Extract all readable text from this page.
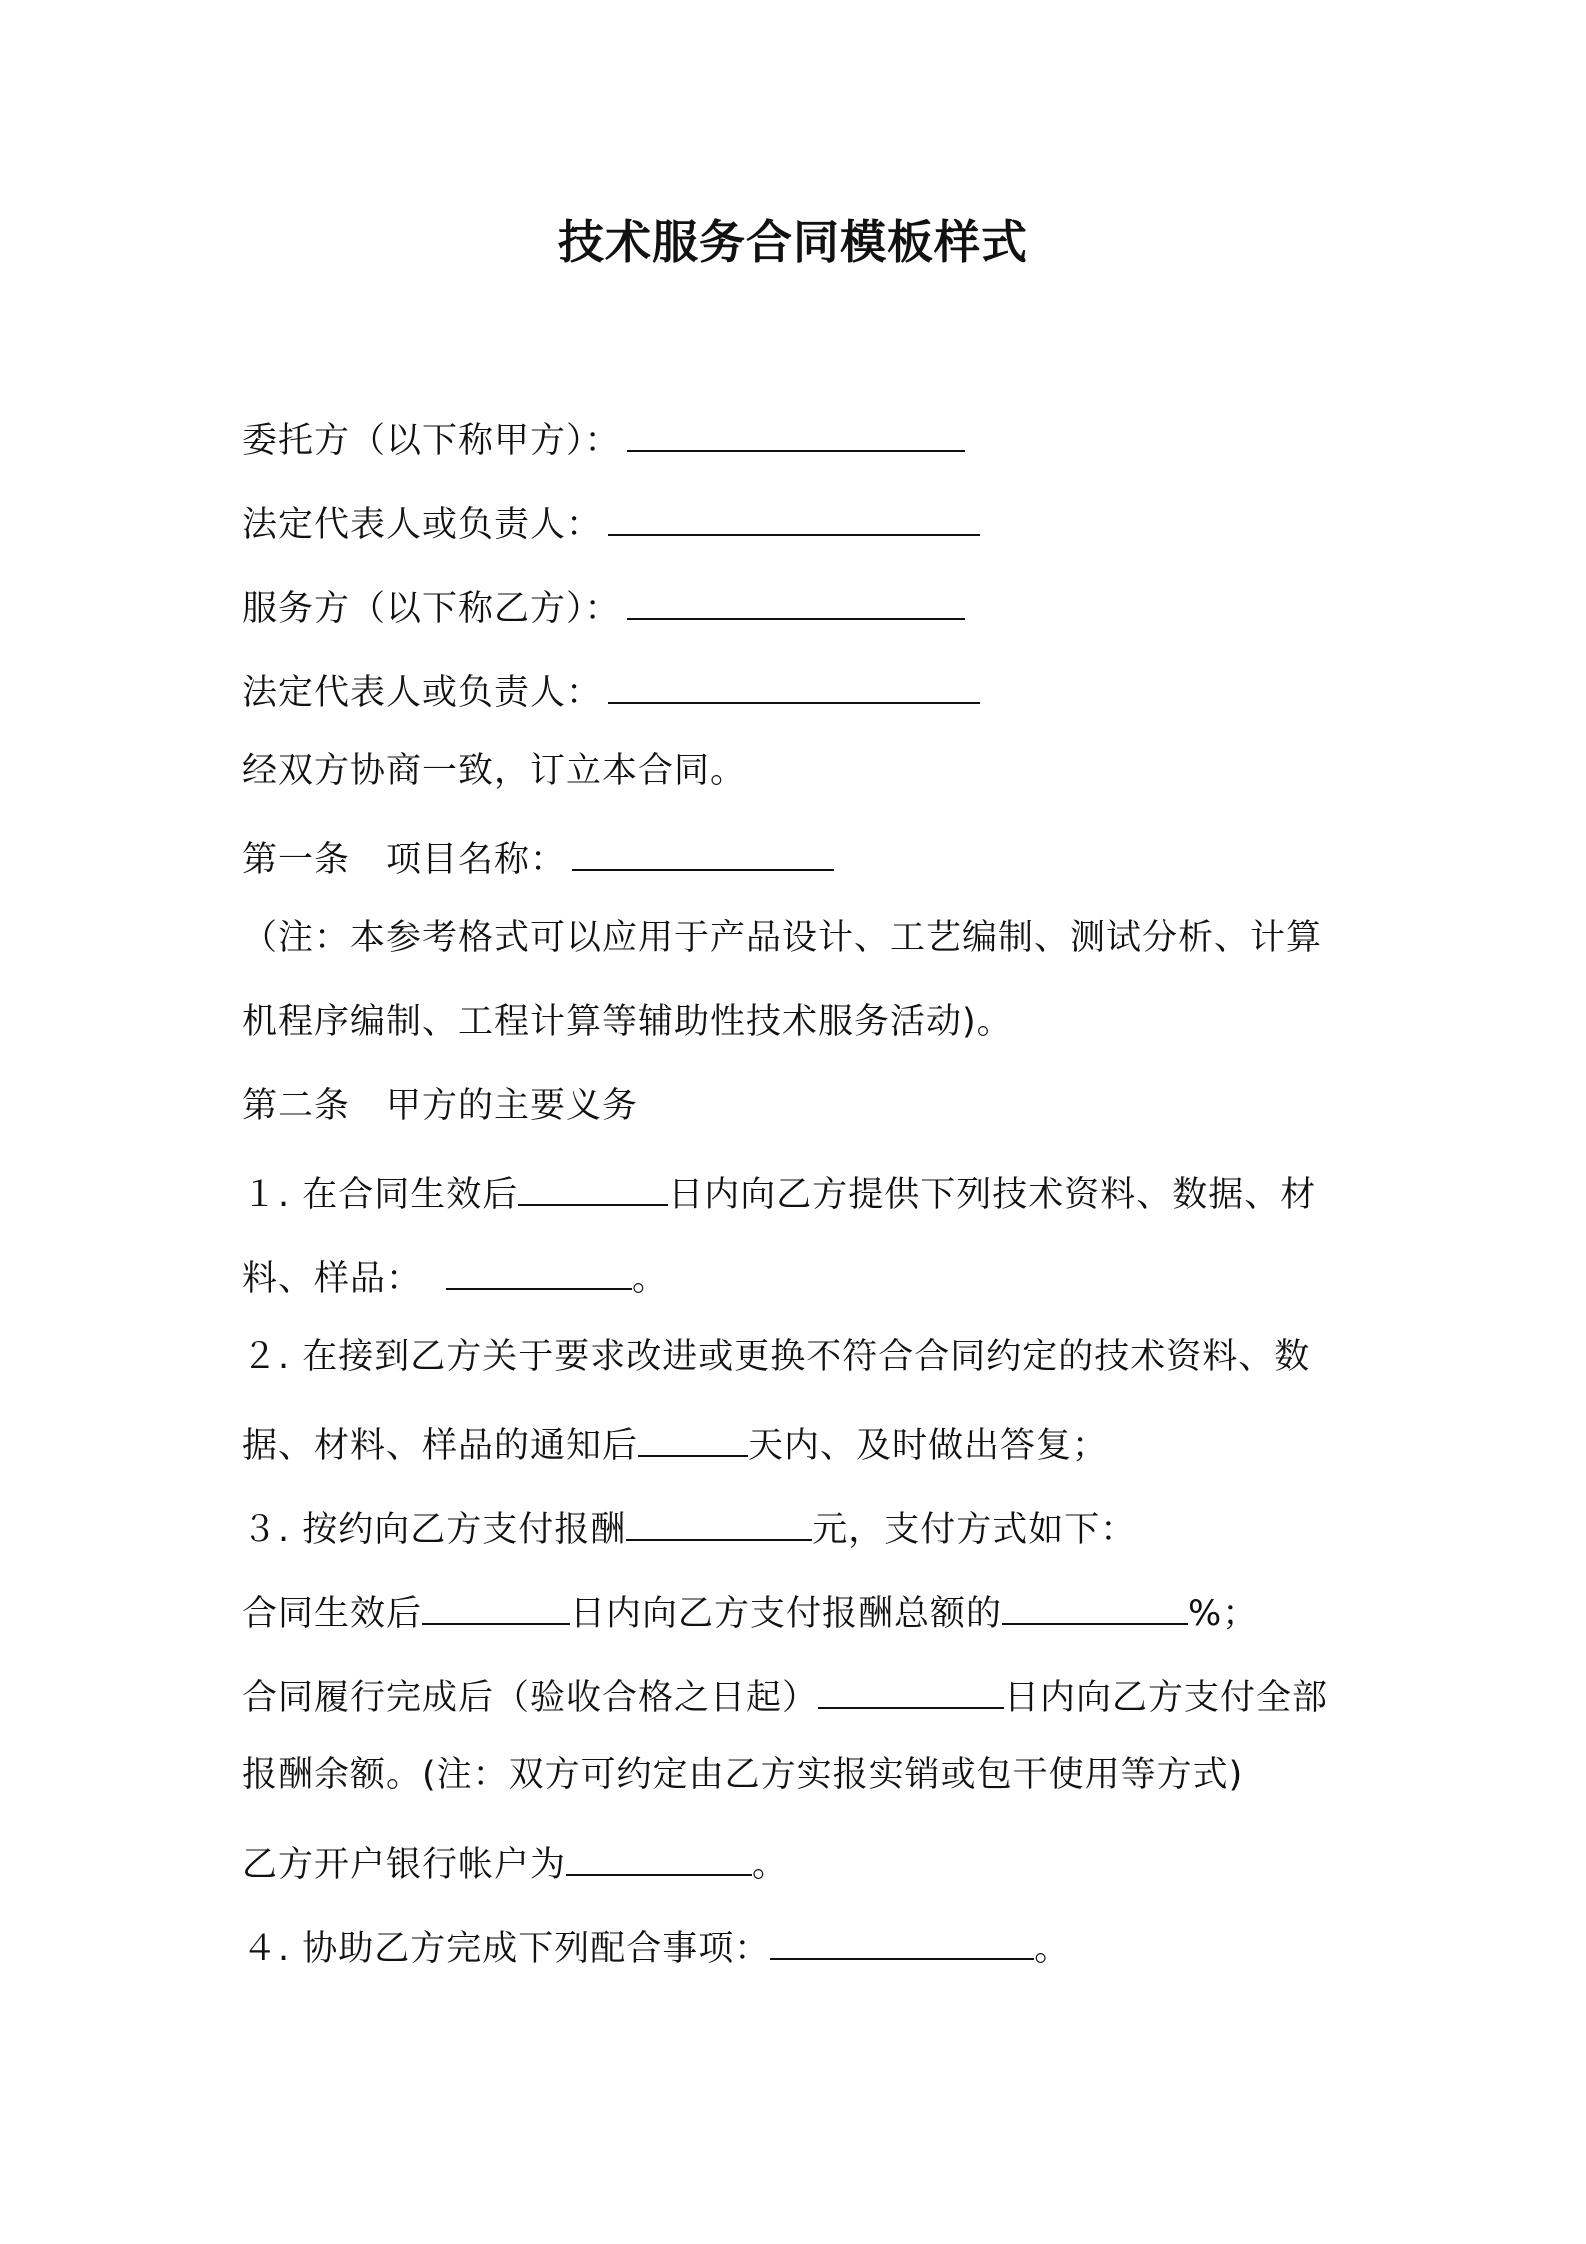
技术服务合同模板样式
委托方（以下称甲方）：
法定代表人或负责人：
服务方（以下称乙方）：
法定代表人或负责人：
经双方协商一致，订立本合同。
第一条　项目名称：
（注：本参考格式可以应用于产品设计、工艺编制、测试分析、计算
机程序编制、工程计算等辅助性技术服务活动)。
第二条　甲方的主要义务
１. 在合同生效后	日内向乙方提供下列技术资料、数据、材
料、样品：	。
２. 在接到乙方关于要求改进或更换不符合合同约定的技术资料、数
据、材料、样品的通知后	天内、及时做出答复；
３. 按约向乙方支付报酬	元，支付方式如下：
合同生效后	日内向乙方支付报酬总额的	%；
合同履行完成后（验收合格之日起）	日内向乙方支付全部
报酬余额。(注：双方可约定由乙方实报实销或包干使用等方式)
乙方开户银行帐户为	。
４. 协助乙方完成下列配合事项：	。
